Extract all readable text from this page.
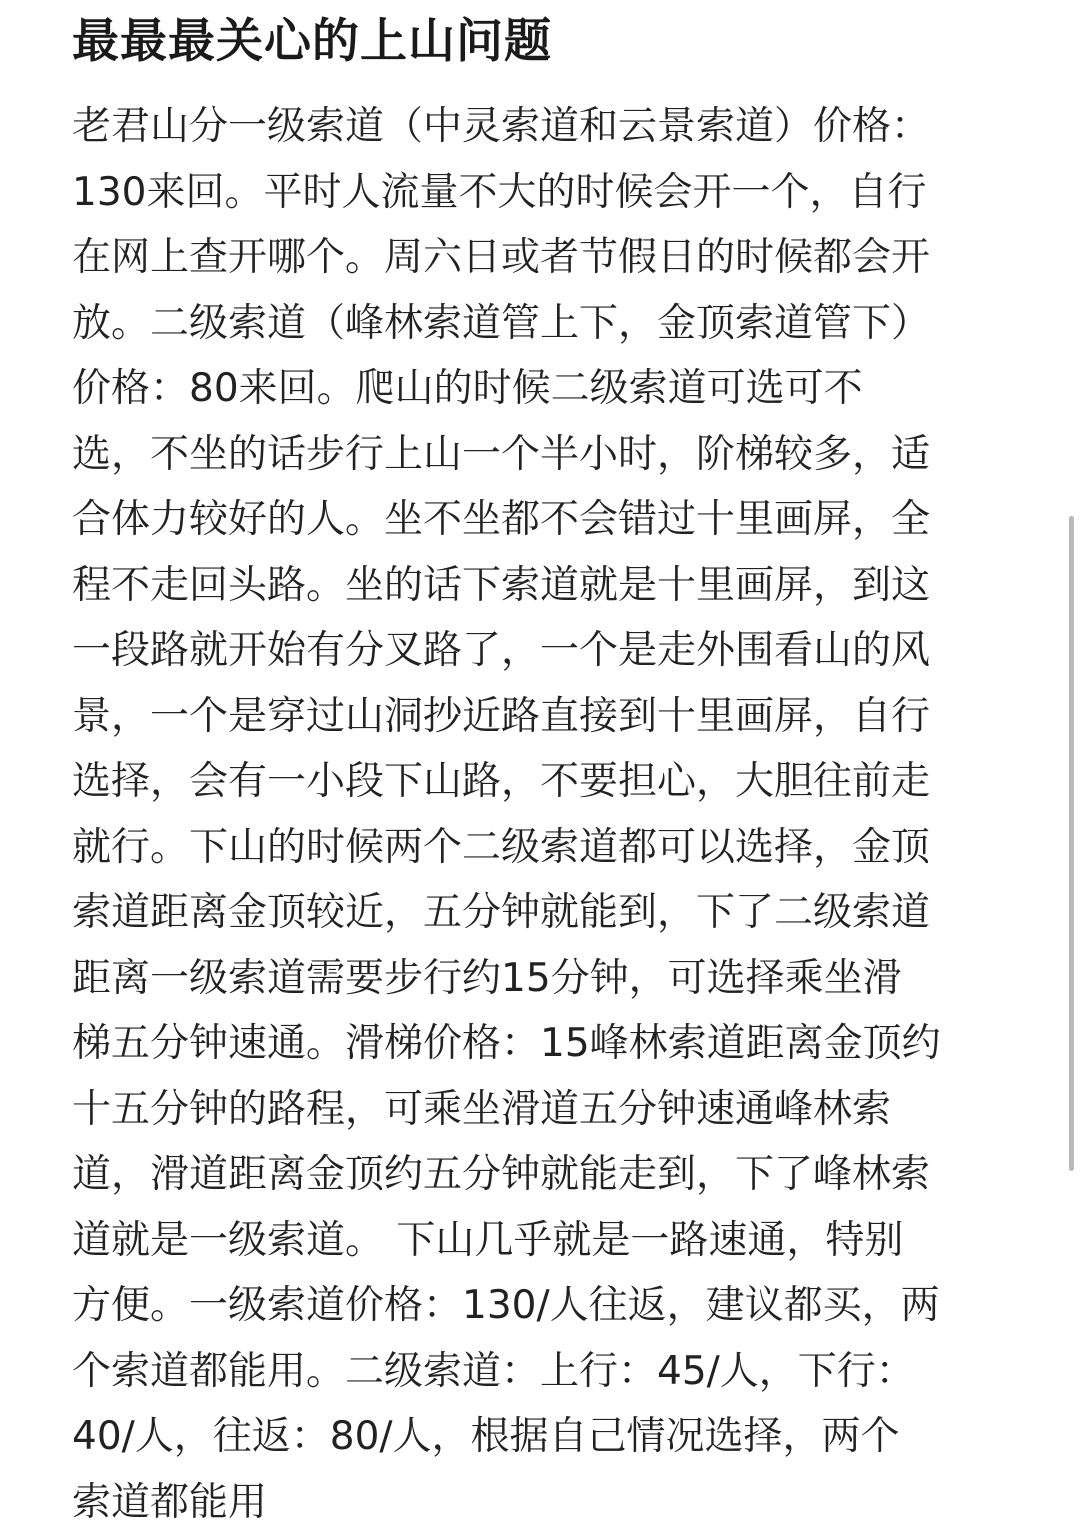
最最最关心的上山问题

老君山分一级索道（中灵索道和云景索道）价格：
130来回。平时人流量不大的时候会开一个，自行
在网上查开哪个。周六日或者节假日的时候都会开
放。二级索道（峰林索道管上下，金顶索道管下）
价格：80来回。爬山的时候二级索道可选可不
选，不坐的话步行上山一个半小时，阶梯较多，适
合体力较好的人。坐不坐都不会错过十里画屏，全
程不走回头路。坐的话下索道就是十里画屏，到这
一段路就开始有分叉路了，一个是走外围看山的风
景，一个是穿过山洞抄近路直接到十里画屏，自行
选择，会有一小段下山路，不要担心，大胆往前走
就行。下山的时候两个二级索道都可以选择，金顶
索道距离金顶较近，五分钟就能到，下了二级索道
距离一级索道需要步行约15分钟，可选择乘坐滑
梯五分钟速通。滑梯价格：15峰林索道距离金顶约
十五分钟的路程，可乘坐滑道五分钟速通峰林索
道，滑道距离金顶约五分钟就能走到，下了峰林索
道就是一级索道。 下山几乎就是一路速通，特别
方便。一级索道价格：130/人往返，建议都买，两
个索道都能用。二级索道：上行：45/人，下行：
40/人，往返：80/人，根据自己情况选择，两个
索道都能用
